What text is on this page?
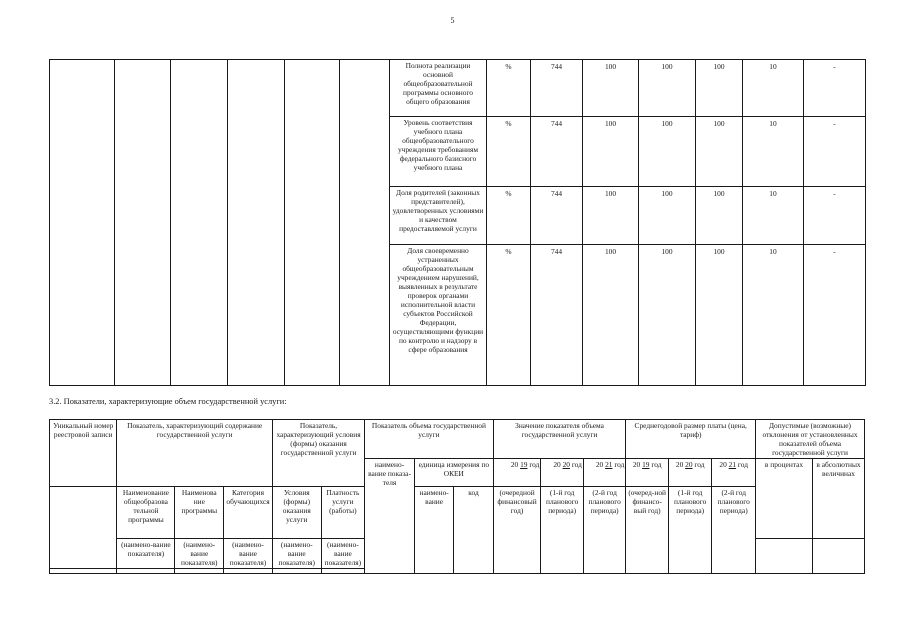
5
						Полнота реализации основной общеобразовательной программы основного общего образования	%	744	100	100	100	10	-
						Уровень соответствия учебного плана общеобразовательного учреждения требованиям федерального базисного учебного плана	%	744	100	100	100	10	-
						Доля родителей (законных представителей), удовлетворенных условиями и качеством предоставляемой услуги	%	744	100	100	100	10	-
						Доля своевременно устраненных общеобразовательным учреждением нарушений, выявленных в результате проверок органами исполнительной власти субъектов Российской Федерации, осуществляющими функции по контролю и надзору в сфере образования	%	744	100	100	100	10	-
3.2. Показатели, характеризующие объем государственной услуги:
Уникальный номер реестровой записи	Показатель, характеризующий содержание государственной услуги			Показатель, характеризующий условия (формы) оказания государственной услуги		Показатель объема государственной услуги			Значение показателя объема государственной услуги			Среднегодовой размер платы (цена, тариф)			Допустимые (возможные) отклонения от установленных показателей объема государственной услуги	
						наимено-вание показа-теля	единица измерения по ОКЕИ		20 19 год	20 20 год	20 21 год	20 19 год	20 20 год	20 21 год	в процентах	в абсолютных величинах
	Наименование общеобразова тельной программы	Наименова ние программы	Категория обучающихся	Условия (формы) оказания услуги	Платность услуги (работы)		наимено-вание	код	(очередной финансовый год)	(1-й год планового периода)	(2-й год планового периода)	(очеред-ной финансо-вый год)	(1-й год планового периода)	(2-й год планового периода)		
	(наимено-вание показателя)	(наимено-вание показателя)	(наимено-вание показателя)	(наимено-вание показателя)	(наимено-вание показателя)											
